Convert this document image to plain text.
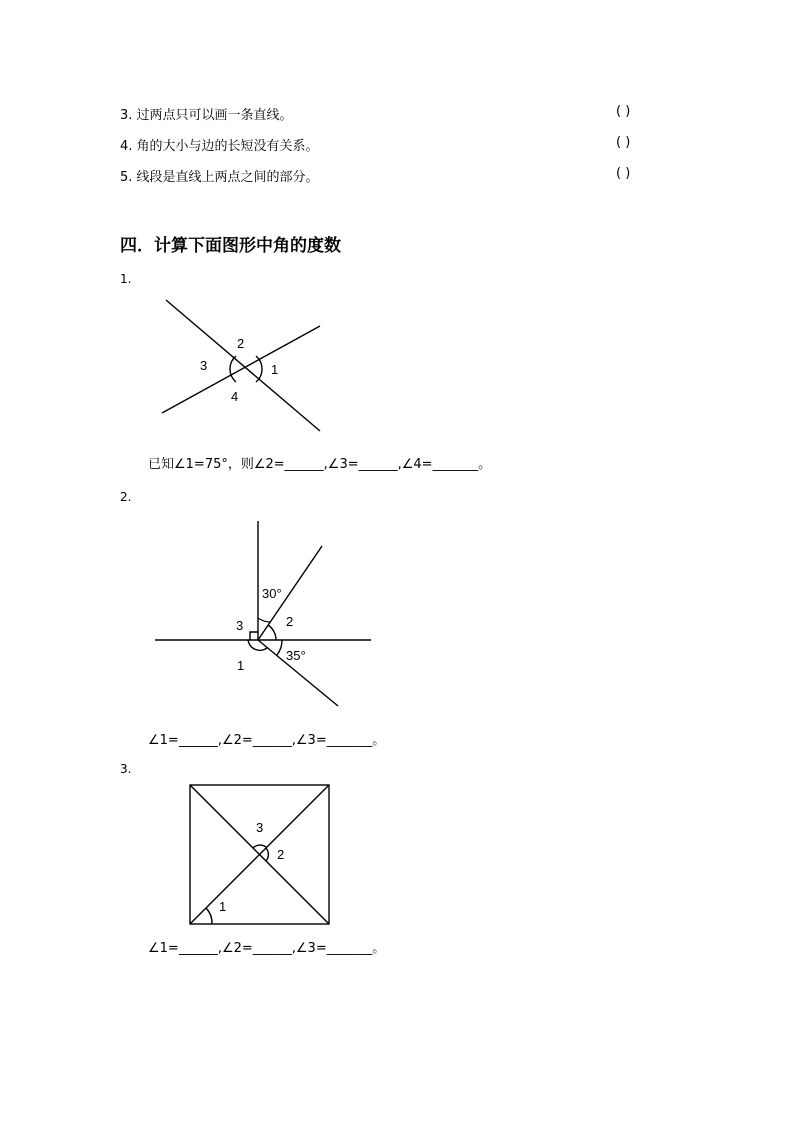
3. 过两点只可以画一条直线。	( )
4. 角的大小与边的长短没有关系。	( )
5. 线段是直线上两点之间的部分。	( )
四．计算下面图形中角的度数
1.
2
3	1
4
已知∠1=75°，则∠2=______,∠3=______,∠4=_______。
2.
30°
2
3
35°
1
∠1=______,∠2=______,∠3=_______。
3.
3
2
1
∠1=______,∠2=______,∠3=_______。
